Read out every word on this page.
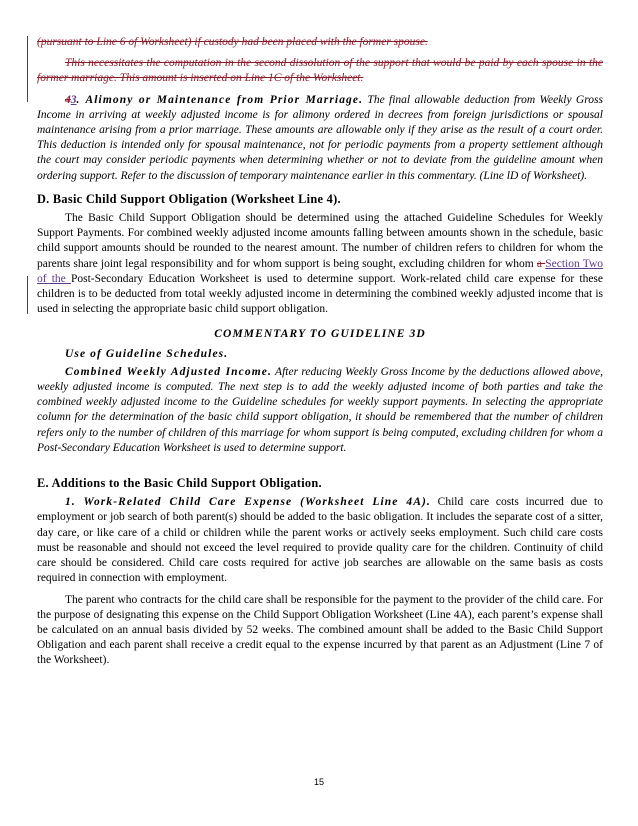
(pursuant to Line 6 of Worksheet) if custody had been placed with the former spouse.

This necessitates the computation in the second dissolution of the support that would be paid by each spouse in the former marriage. This amount is inserted on Line 1C of the Worksheet.

43. Alimony or Maintenance from Prior Marriage. The final allowable deduction from Weekly Gross Income in arriving at weekly adjusted income is for alimony ordered in decrees from foreign jurisdictions or spousal maintenance arising from a prior marriage. These amounts are allowable only if they arise as the result of a court order. This deduction is intended only for spousal maintenance, not for periodic payments from a property settlement although the court may consider periodic payments when determining whether or not to deviate from the guideline amount when ordering support. Refer to the discussion of temporary maintenance earlier in this commentary. (Line lD of Worksheet).

D. Basic Child Support Obligation (Worksheet Line 4).

The Basic Child Support Obligation should be determined using the attached Guideline Schedules for Weekly Support Payments. For combined weekly adjusted income amounts falling between amounts shown in the schedule, basic child support amounts should be rounded to the nearest amount. The number of children refers to children for whom the parents share joint legal responsibility and for whom support is being sought, excluding children for whom a Section Two of the Post-Secondary Education Worksheet is used to determine support. Work-related child care expense for these children is to be deducted from total weekly adjusted income in determining the combined weekly adjusted income that is used in selecting the appropriate basic child support obligation.

COMMENTARY TO GUIDELINE 3D

Use of Guideline Schedules.

Combined Weekly Adjusted Income. After reducing Weekly Gross Income by the deductions allowed above, weekly adjusted income is computed. The next step is to add the weekly adjusted income of both parties and take the combined weekly adjusted income to the Guideline schedules for weekly support payments. In selecting the appropriate column for the determination of the basic child support obligation, it should be remembered that the number of children refers only to the number of children of this marriage for whom support is being computed, excluding children for whom a Post-Secondary Education Worksheet is used to determine support.

E. Additions to the Basic Child Support Obligation.

1. Work-Related Child Care Expense (Worksheet Line 4A). Child care costs incurred due to employment or job search of both parent(s) should be added to the basic obligation. It includes the separate cost of a sitter, day care, or like care of a child or children while the parent works or actively seeks employment. Such child care costs must be reasonable and should not exceed the level required to provide quality care for the children. Continuity of child care should be considered. Child care costs required for active job searches are allowable on the same basis as costs required in connection with employment.

The parent who contracts for the child care shall be responsible for the payment to the provider of the child care. For the purpose of designating this expense on the Child Support Obligation Worksheet (Line 4A), each parent’s expense shall be calculated on an annual basis divided by 52 weeks. The combined amount shall be added to the Basic Child Support Obligation and each parent shall receive a credit equal to the expense incurred by that parent as an Adjustment (Line 7 of the Worksheet).

15
